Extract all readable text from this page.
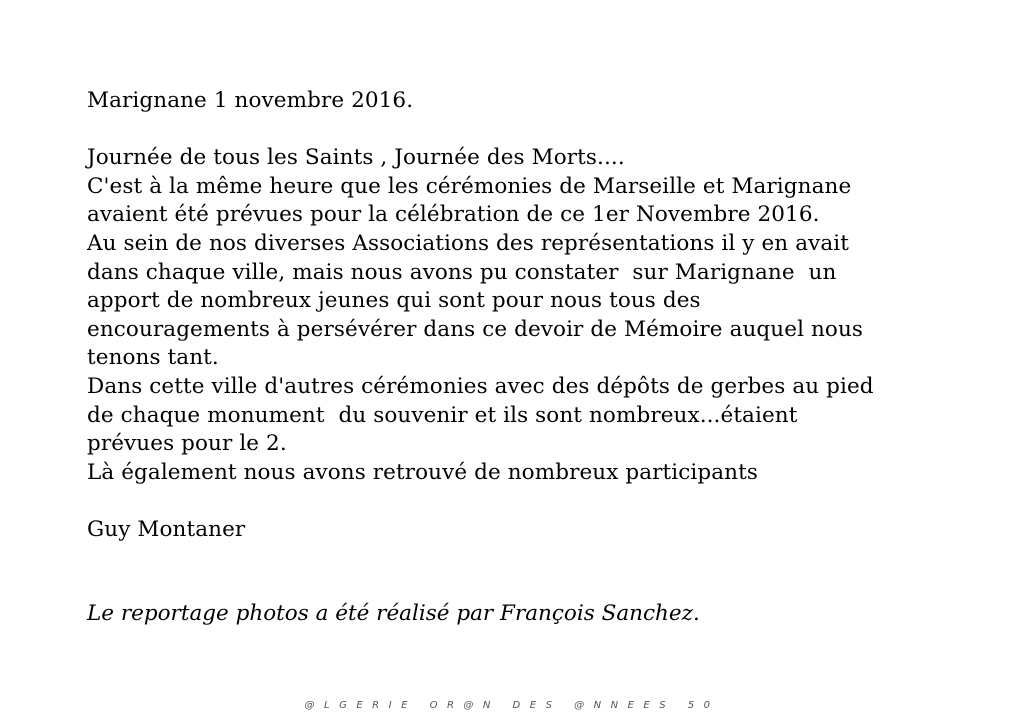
Marignane 1 novembre 2016.
Journée de tous les Saints , Journée des Morts....
C'est à la même heure que les cérémonies de Marseille et Marignane
avaient été prévues pour la célébration de ce 1er Novembre 2016.
Au sein de nos diverses Associations des représentations il y en avait
dans chaque ville, mais nous avons pu constater  sur Marignane  un
apport de nombreux jeunes qui sont pour nous tous des
encouragements à persévérer dans ce devoir de Mémoire auquel nous
tenons tant.
Dans cette ville d'autres cérémonies avec des dépôts de gerbes au pied
de chaque monument  du souvenir et ils sont nombreux...étaient
prévues pour le 2.
Là également nous avons retrouvé de nombreux participants
Guy Montaner
Le reportage photos a été réalisé par François Sanchez.
@LGERIE OR@N DES @NNEES 50
